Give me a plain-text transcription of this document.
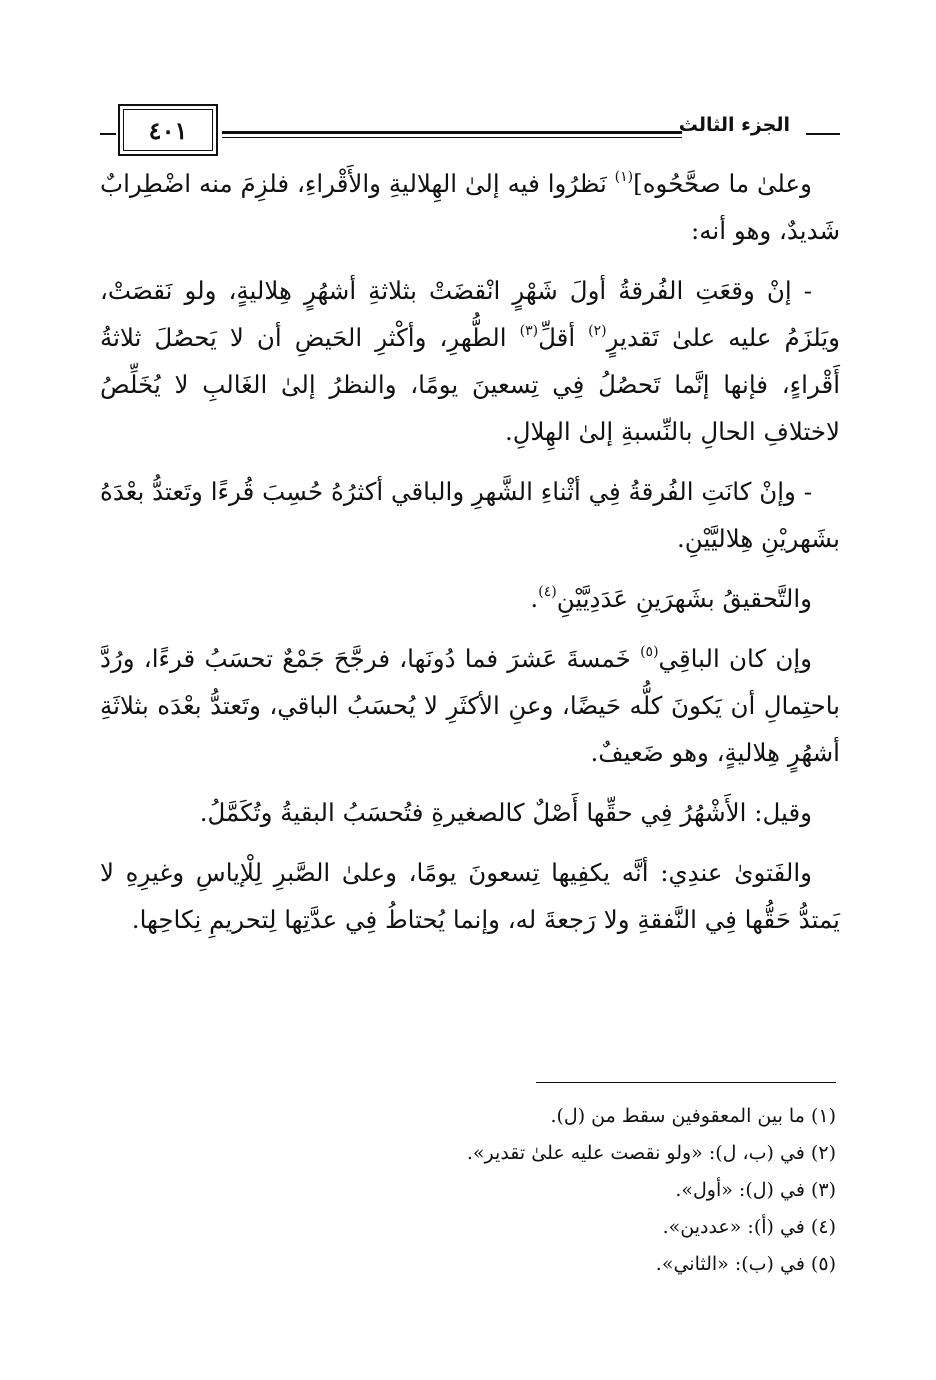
الجزء الثالث
٤٠١

وعلىٰ ما صحَّحُوه]$^{(١)}$ نَظرُوا فيه إلىٰ الهِلاليةِ والأَقْراءِ، فلزِمَ منه اضْطِرابٌ شَديدٌ، وهو أنه:

- إنْ وقعَتِ الفُرقةُ أولَ شَهْرٍ انْقضَتْ بثلاثةِ أشهُرٍ هِلاليةٍ، ولو نَقصَتْ، ويَلزَمُ عليه علىٰ تَقديرٍ$^{(٢)}$ أقلِّ$^{(٣)}$ الطُّهرِ، وأكْثرِ الحَيضِ أن لا يَحصُلَ ثلاثةُ أَقْراءٍ، فإنها إنَّما تَحصُلُ فِي تِسعينَ يومًا، والنظرُ إلىٰ الغَالبِ لا يُخَلِّصُ لاختلافِ الحالِ بالنِّسبةِ إلىٰ الهِلالِ.

- وإنْ كانَتِ الفُرقةُ فِي أثْناءِ الشَّهرِ والباقي أكثرُهُ حُسِبَ قُرءًا وتَعتدُّ بعْدَهُ بشَهريْنِ هِلاليَّيْنِ.

والتَّحقيقُ بشَهرَينِ عَدَدِيَّيْنِ$^{(٤)}$.

وإن كان الباقِي$^{(٥)}$ خَمسةَ عَشرَ فما دُونَها، فرجَّحَ جَمْعٌ تحسَبُ قرءًا، ورُدَّ باحتِمالِ أن يَكونَ كلُّه حَيضًا، وعنِ الأكثَرِ لا يُحسَبُ الباقي، وتَعتدُّ بعْدَه بثلاثَةِ أشهُرٍ هِلاليةٍ، وهو ضَعيفٌ.

وقيل: الأَشْهُرُ فِي حقِّها أَصْلٌ كالصغيرةِ فتُحسَبُ البقيةُ وتُكَمَّلُ.

والفَتوىٰ عندِي: أنَّه يكفِيها تِسعونَ يومًا، وعلىٰ الصَّبرِ لِلْإياسِ وغيرِهِ لا يَمتدُّ حَقُّها فِي النَّفقةِ ولا رَجعةَ له، وإنما يُحتاطُ فِي عدَّتِها لِتحريمِ نِكاحِها.

(١) ما بين المعقوفين سقط من (ل).

(٢) في (ب، ل): «ولو نقصت عليه علىٰ تقدير».

(٣) في (ل): «أول».

(٤) في (أ): «عددين».

(٥) في (ب): «الثاني».
